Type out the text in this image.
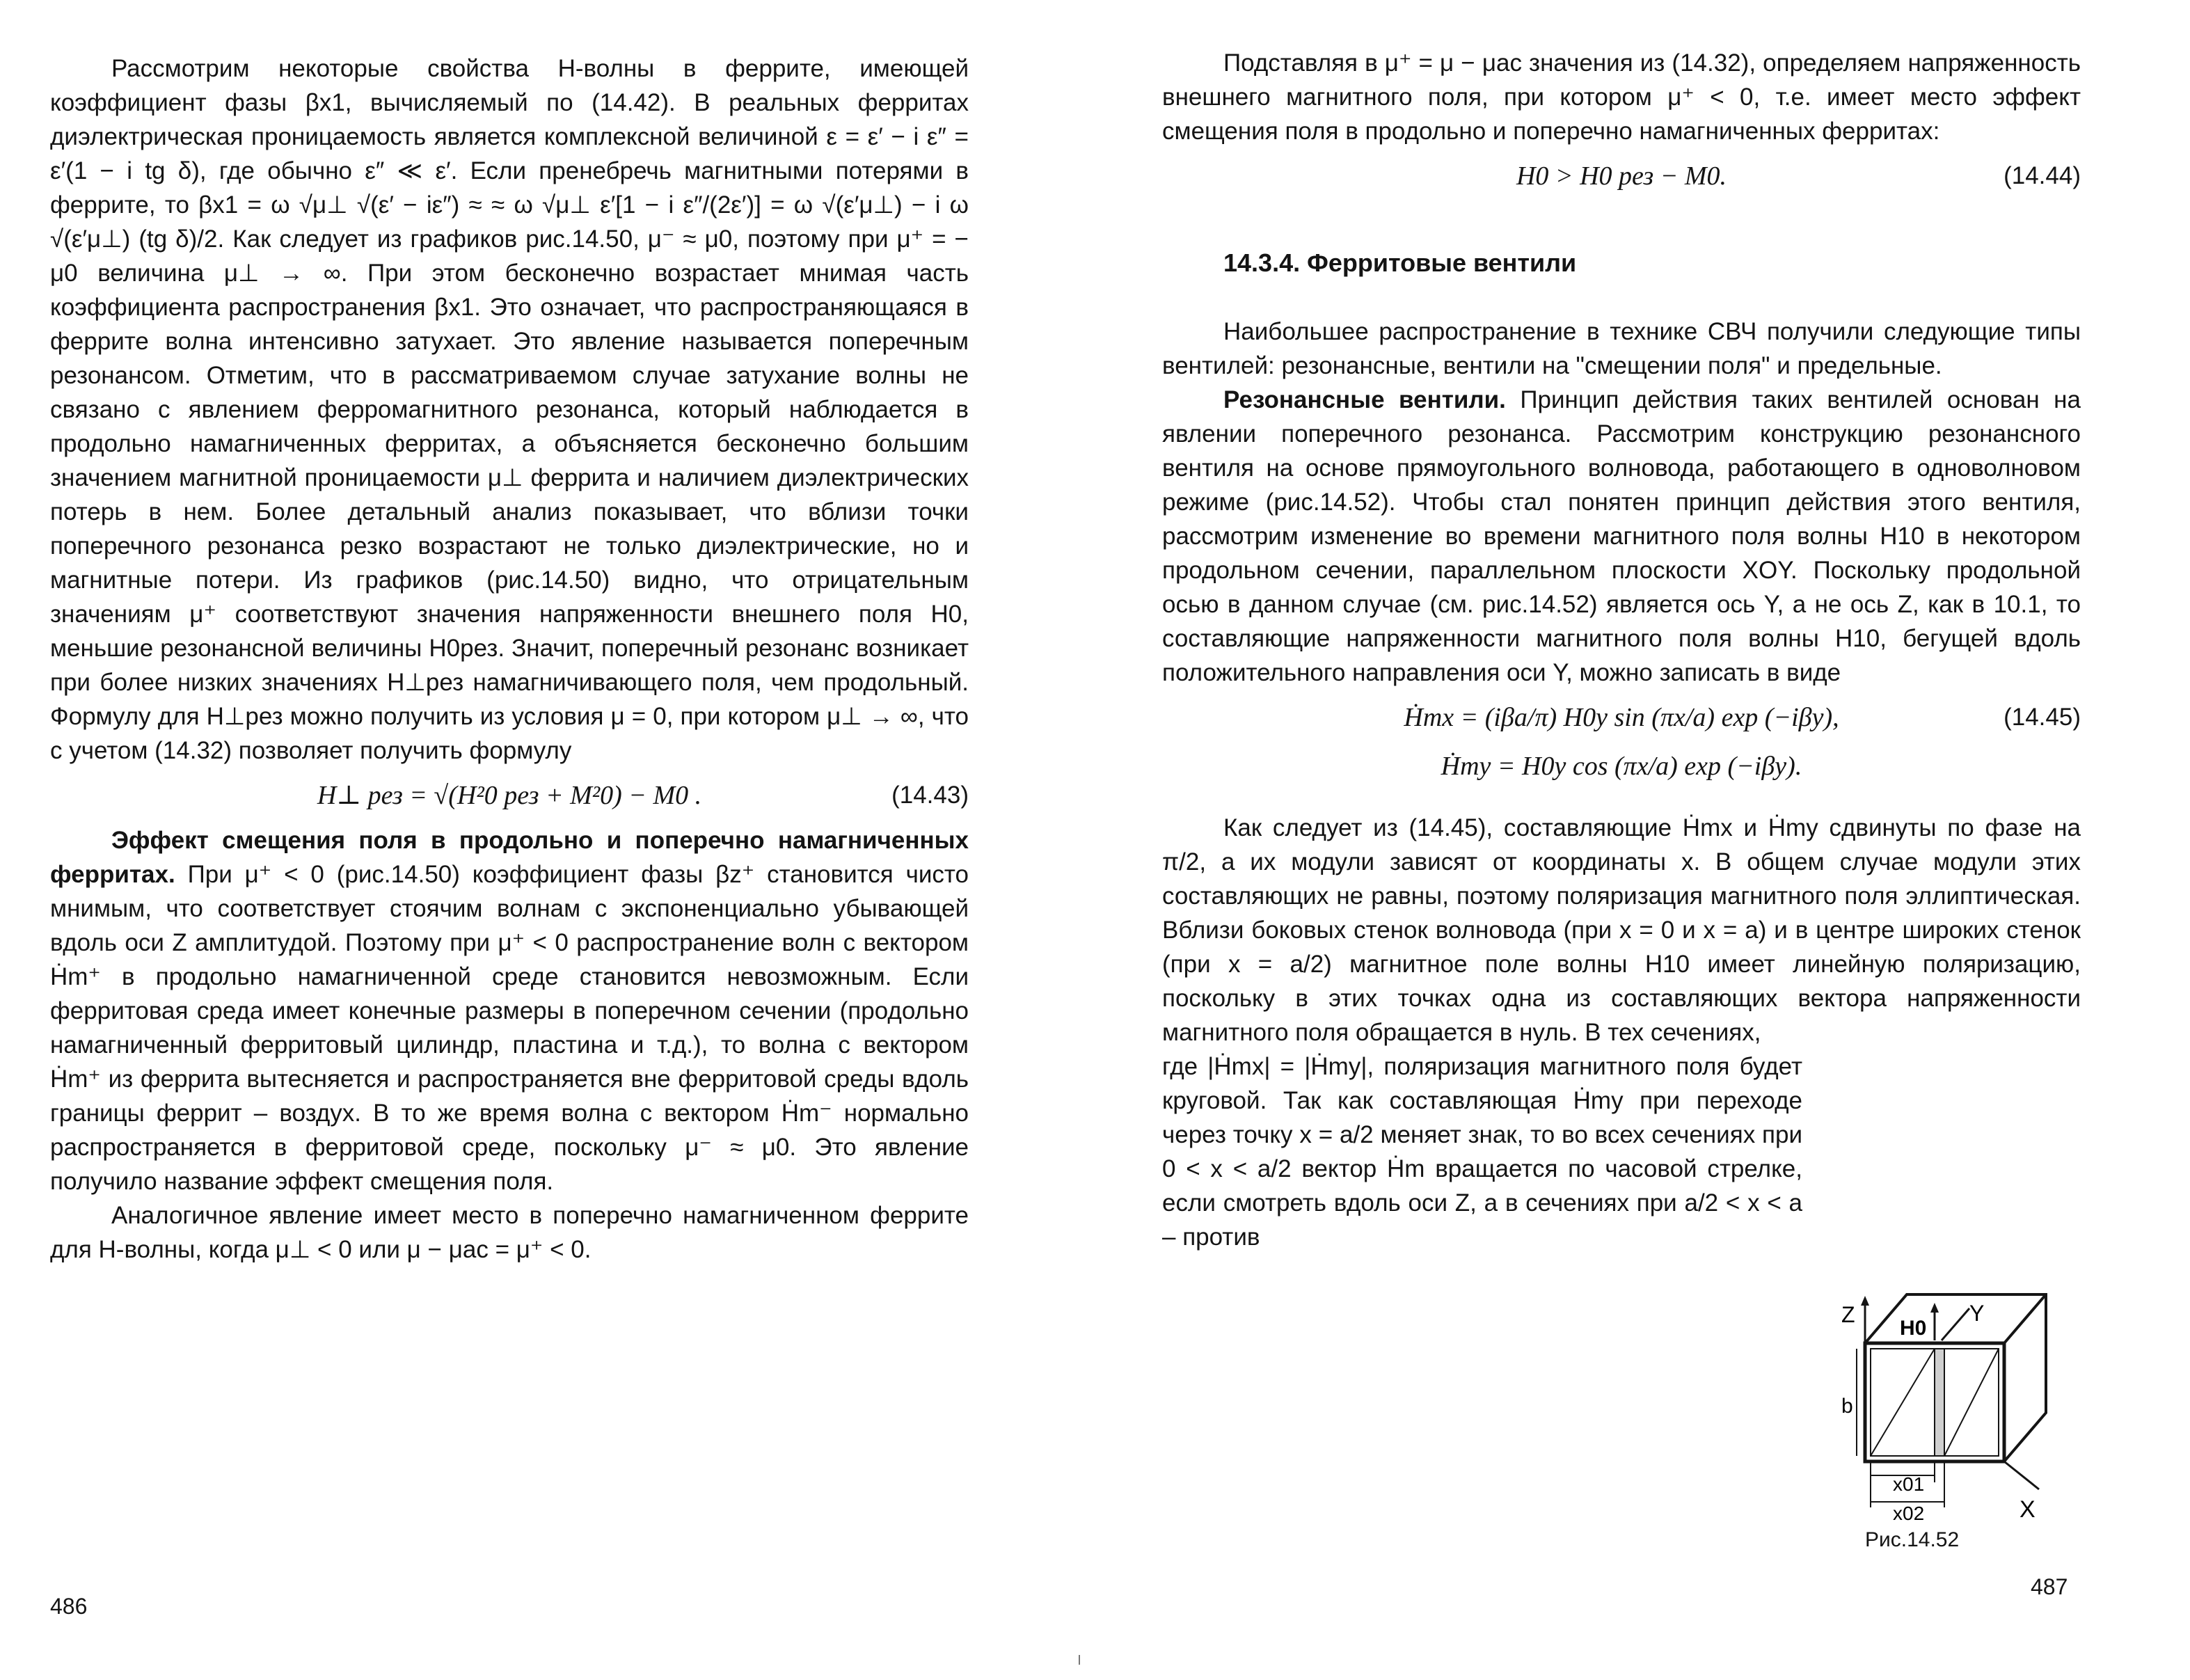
Рассмотрим некоторые свойства H-волны в феррите, имеющей коэффициент фазы βx1, вычисляемый по (14.42). В реальных ферритах диэлектрическая проницаемость является комплексной величиной ε = ε′ − i ε″ = ε′(1 − i tg δ), где обычно ε″ ≪ ε′. Если пренебречь магнитными потерями в феррите, то βx1 = ω √μ⊥ √(ε′ − iε″) ≈ ≈ ω √μ⊥ ε′[1 − i ε″/(2ε′)] = ω √(ε′μ⊥) − i ω √(ε′μ⊥) (tg δ)/2. Как следует из графиков рис.14.50, μ⁻ ≈ μ0, поэтому при μ⁺ = − μ0 величина μ⊥ → ∞. При этом бесконечно возрастает мнимая часть коэффициента распространения βx1. Это означает, что распространяющаяся в феррите волна интенсивно затухает. Это явление называется поперечным резонансом. Отметим, что в рассматриваемом случае затухание волны не связано с явлением ферромагнитного резонанса, который наблюдается в продольно намагниченных ферритах, а объясняется бесконечно большим значением магнитной проницаемости μ⊥ феррита и наличием диэлектрических потерь в нем. Более детальный анализ показывает, что вблизи точки поперечного резонанса резко возрастают не только диэлектрические, но и магнитные потери. Из графиков (рис.14.50) видно, что отрицательным значениям μ⁺ соответствуют значения напряженности внешнего поля H0, меньшие резонансной величины H0рез. Значит, поперечный резонанс возникает при более низких значениях H⊥рез намагничивающего поля, чем продольный. Формулу для H⊥рез можно получить из условия μ = 0, при котором μ⊥ → ∞, что с учетом (14.32) позволяет получить формулу

H⊥ рез = √(H²0 рез + M²0) − M0 .	(14.43)

Эффект смещения поля в продольно и поперечно намагниченных ферритах. При μ⁺ < 0 (рис.14.50) коэффициент фазы βz⁺ становится чисто мнимым, что соответствует стоячим волнам с экспоненциально убывающей вдоль оси Z амплитудой. Поэтому при μ⁺ < 0 распространение волн с вектором Ḣm⁺ в продольно намагниченной среде становится невозможным. Если ферритовая среда имеет конечные размеры в поперечном сечении (продольно намагниченный ферритовый цилиндр, пластина и т.д.), то волна с вектором Ḣm⁺ из феррита вытесняется и распространяется вне ферритовой среды вдоль границы феррит – воздух. В то же время волна с вектором Ḣm⁻ нормально распространяется в ферритовой среде, поскольку μ⁻ ≈ μ0. Это явление получило название эффект смещения поля.

Аналогичное явление имеет место в поперечно намагниченном феррите для H-волны, когда μ⊥ < 0 или μ − μac = μ⁺ < 0.

486

Подставляя в μ⁺ = μ − μac значения из (14.32), определяем напряженность внешнего магнитного поля, при котором μ⁺ < 0, т.е. имеет место эффект смещения поля в продольно и поперечно намагниченных ферритах:

H0 > H0 рез − M0.	(14.44)
14.3.4. Ферритовые вентили

Наибольшее распространение в технике СВЧ получили следующие типы вентилей: резонансные, вентили на "смещении поля" и предельные.

Резонансные вентили. Принцип действия таких вентилей основан на явлении поперечного резонанса. Рассмотрим конструкцию резонансного вентиля на основе прямоугольного волновода, работающего в одноволновом режиме (рис.14.52). Чтобы стал понятен принцип действия этого вентиля, рассмотрим изменение во времени магнитного поля волны H10 в некотором продольном сечении, параллельном плоскости XOY. Поскольку продольной осью в данном случае (см. рис.14.52) является ось Y, а не ось Z, как в 10.1, то составляющие напряженности магнитного поля волны H10, бегущей вдоль положительного направления оси Y, можно записать в виде

Ḣmx = (iβa/π) H0y sin (πx/a) exp (−iβy),	(14.45)
Ḣmy = H0y cos (πx/a) exp (−iβy).

Как следует из (14.45), составляющие Ḣmx и Ḣmy сдвинуты по фазе на π/2, а их модули зависят от координаты x. В общем случае модули этих составляющих не равны, поэтому поляризация магнитного поля эллиптическая. Вблизи боковых стенок волновода (при x = 0 и x = a) и в центре широких стенок (при x = a/2) магнитное поле волны H10 имеет линейную поляризацию, поскольку в этих точках одна из составляющих вектора напряженности магнитного поля обращается в нуль. В тех сечениях,

где |Ḣmx| = |Ḣmy|, поляризация магнитного поля будет круговой. Так как составляющая Ḣmy при переходе через точку x = a/2 меняет знак, то во всех сечениях при 0 < x < a/2 вектор Ḣm вращается по часовой стрелке, если смотреть вдоль оси Z, а в сечениях при a/2 < x < a – против

487
Z
H0
Y
b
X
x01
x02
Рис.14.52
